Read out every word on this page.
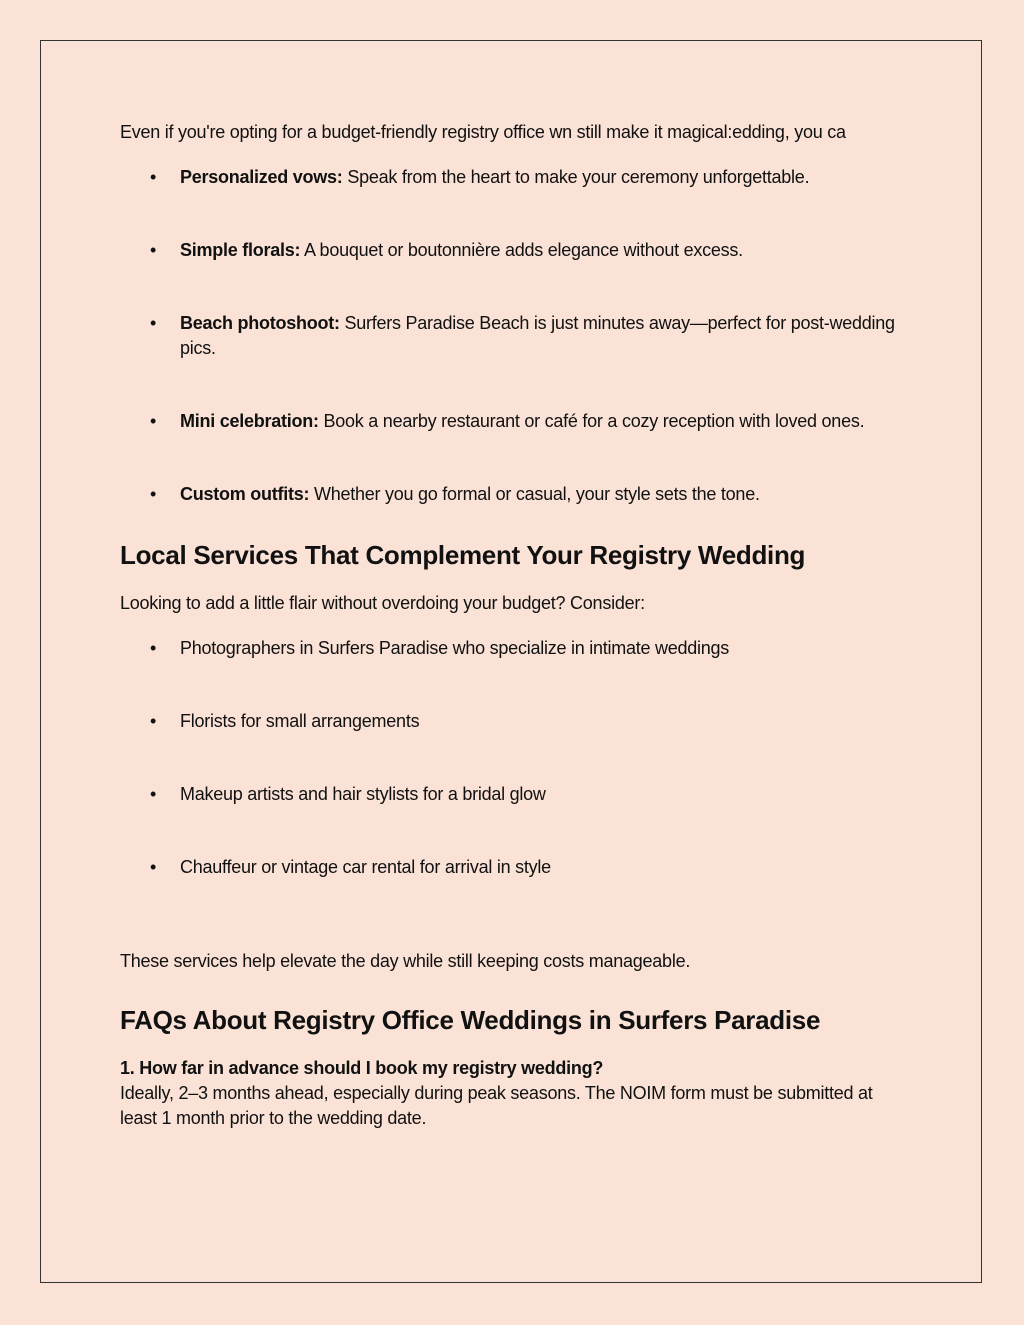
Even if you're opting for a budget-friendly registry office wn still make it magical:edding, you ca

• Personalized vows: Speak from the heart to make your ceremony unforgettable.
• Simple florals: A bouquet or boutonnière adds elegance without excess.
• Beach photoshoot: Surfers Paradise Beach is just minutes away—perfect for post-wedding pics.
• Mini celebration: Book a nearby restaurant or café for a cozy reception with loved ones.
• Custom outfits: Whether you go formal or casual, your style sets the tone.
Local Services That Complement Your Registry Wedding

Looking to add a little flair without overdoing your budget? Consider:

• Photographers in Surfers Paradise who specialize in intimate weddings
• Florists for small arrangements
• Makeup artists and hair stylists for a bridal glow
• Chauffeur or vintage car rental for arrival in style

These services help elevate the day while still keeping costs manageable.

FAQs About Registry Office Weddings in Surfers Paradise

1. How far in advance should I book my registry wedding?
Ideally, 2–3 months ahead, especially during peak seasons. The NOIM form must be submitted at least 1 month prior to the wedding date.
